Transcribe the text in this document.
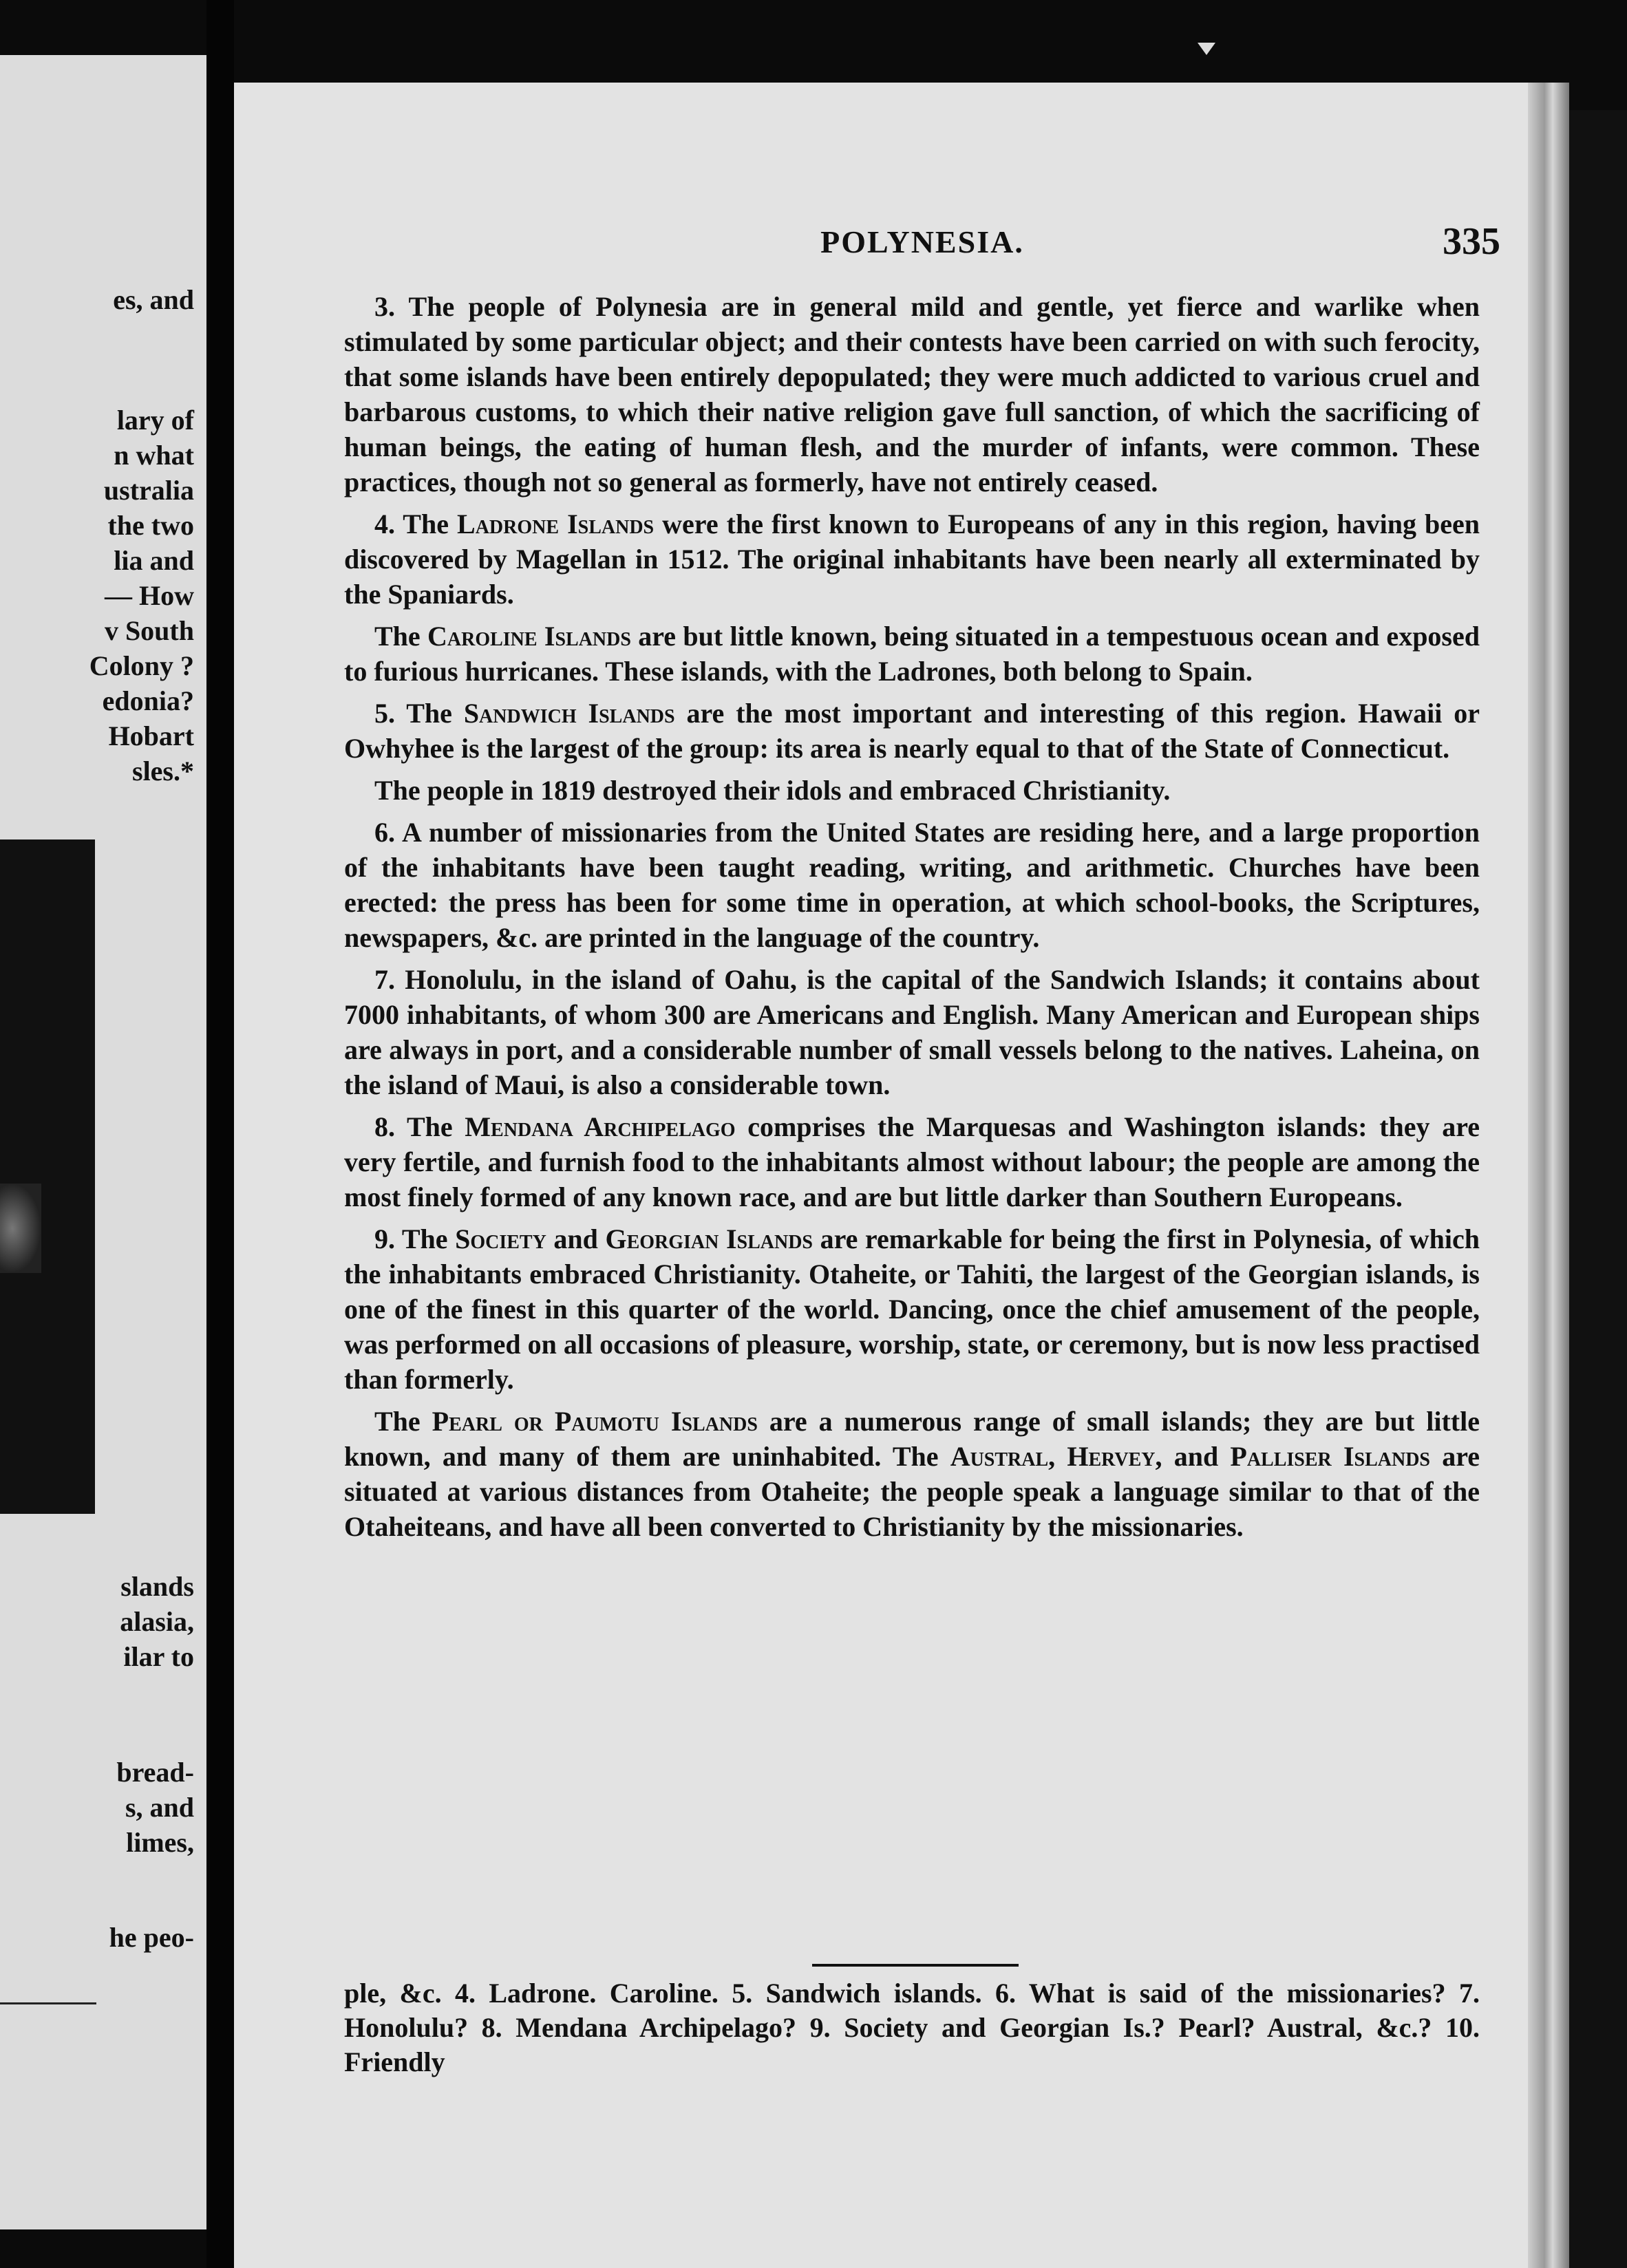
es, and
lary of
n what
ustralia
the two
lia and
— How
v South
Colony ?
edonia?
Hobart
sles.*
slands
alasia,
ilar to
bread-
s, and
limes,
he peo-
POLYNESIA.	335

3. The people of Polynesia are in general mild and gentle, yet fierce and warlike when stimulated by some particular object; and their contests have been carried on with such ferocity, that some islands have been entirely depopulated; they were much addicted to various cruel and barbarous customs, to which their native religion gave full sanction, of which the sacrificing of human beings, the eating of human flesh, and the murder of infants, were common. These practices, though not so general as formerly, have not entirely ceased.

4. The Ladrone Islands were the first known to Europeans of any in this region, having been discovered by Magellan in 1512. The original inhabitants have been nearly all exterminated by the Spaniards.

The Caroline Islands are but little known, being situated in a tempestuous ocean and exposed to furious hurricanes. These islands, with the Ladrones, both belong to Spain.

5. The Sandwich Islands are the most important and interesting of this region. Hawaii or Owhyhee is the largest of the group: its area is nearly equal to that of the State of Connecticut.

The people in 1819 destroyed their idols and embraced Christianity.

6. A number of missionaries from the United States are residing here, and a large proportion of the inhabitants have been taught reading, writing, and arithmetic. Churches have been erected: the press has been for some time in operation, at which school-books, the Scriptures, newspapers, &c. are printed in the language of the country.

7. Honolulu, in the island of Oahu, is the capital of the Sandwich Islands; it contains about 7000 inhabitants, of whom 300 are Americans and English. Many American and European ships are always in port, and a considerable number of small vessels belong to the natives. Laheina, on the island of Maui, is also a considerable town.

8. The Mendana Archipelago comprises the Marquesas and Washington islands: they are very fertile, and furnish food to the inhabitants almost without labour; the people are among the most finely formed of any known race, and are but little darker than Southern Europeans.

9. The Society and Georgian Islands are remarkable for being the first in Polynesia, of which the inhabitants embraced Christianity. Otaheite, or Tahiti, the largest of the Georgian islands, is one of the finest in this quarter of the world. Dancing, once the chief amusement of the people, was performed on all occasions of pleasure, worship, state, or ceremony, but is now less practised than formerly.

The Pearl or Paumotu Islands are a numerous range of small islands; they are but little known, and many of them are uninhabited. The Austral, Hervey, and Palliser Islands are situated at various distances from Otaheite; the people speak a language similar to that of the Otaheiteans, and have all been converted to Christianity by the missionaries.

ple, &c. 4. Ladrone. Caroline. 5. Sandwich islands. 6. What is said of the missionaries? 7. Honolulu? 8. Mendana Archipelago? 9. Society and Georgian Is.? Pearl? Austral, &c.? 10. Friendly
